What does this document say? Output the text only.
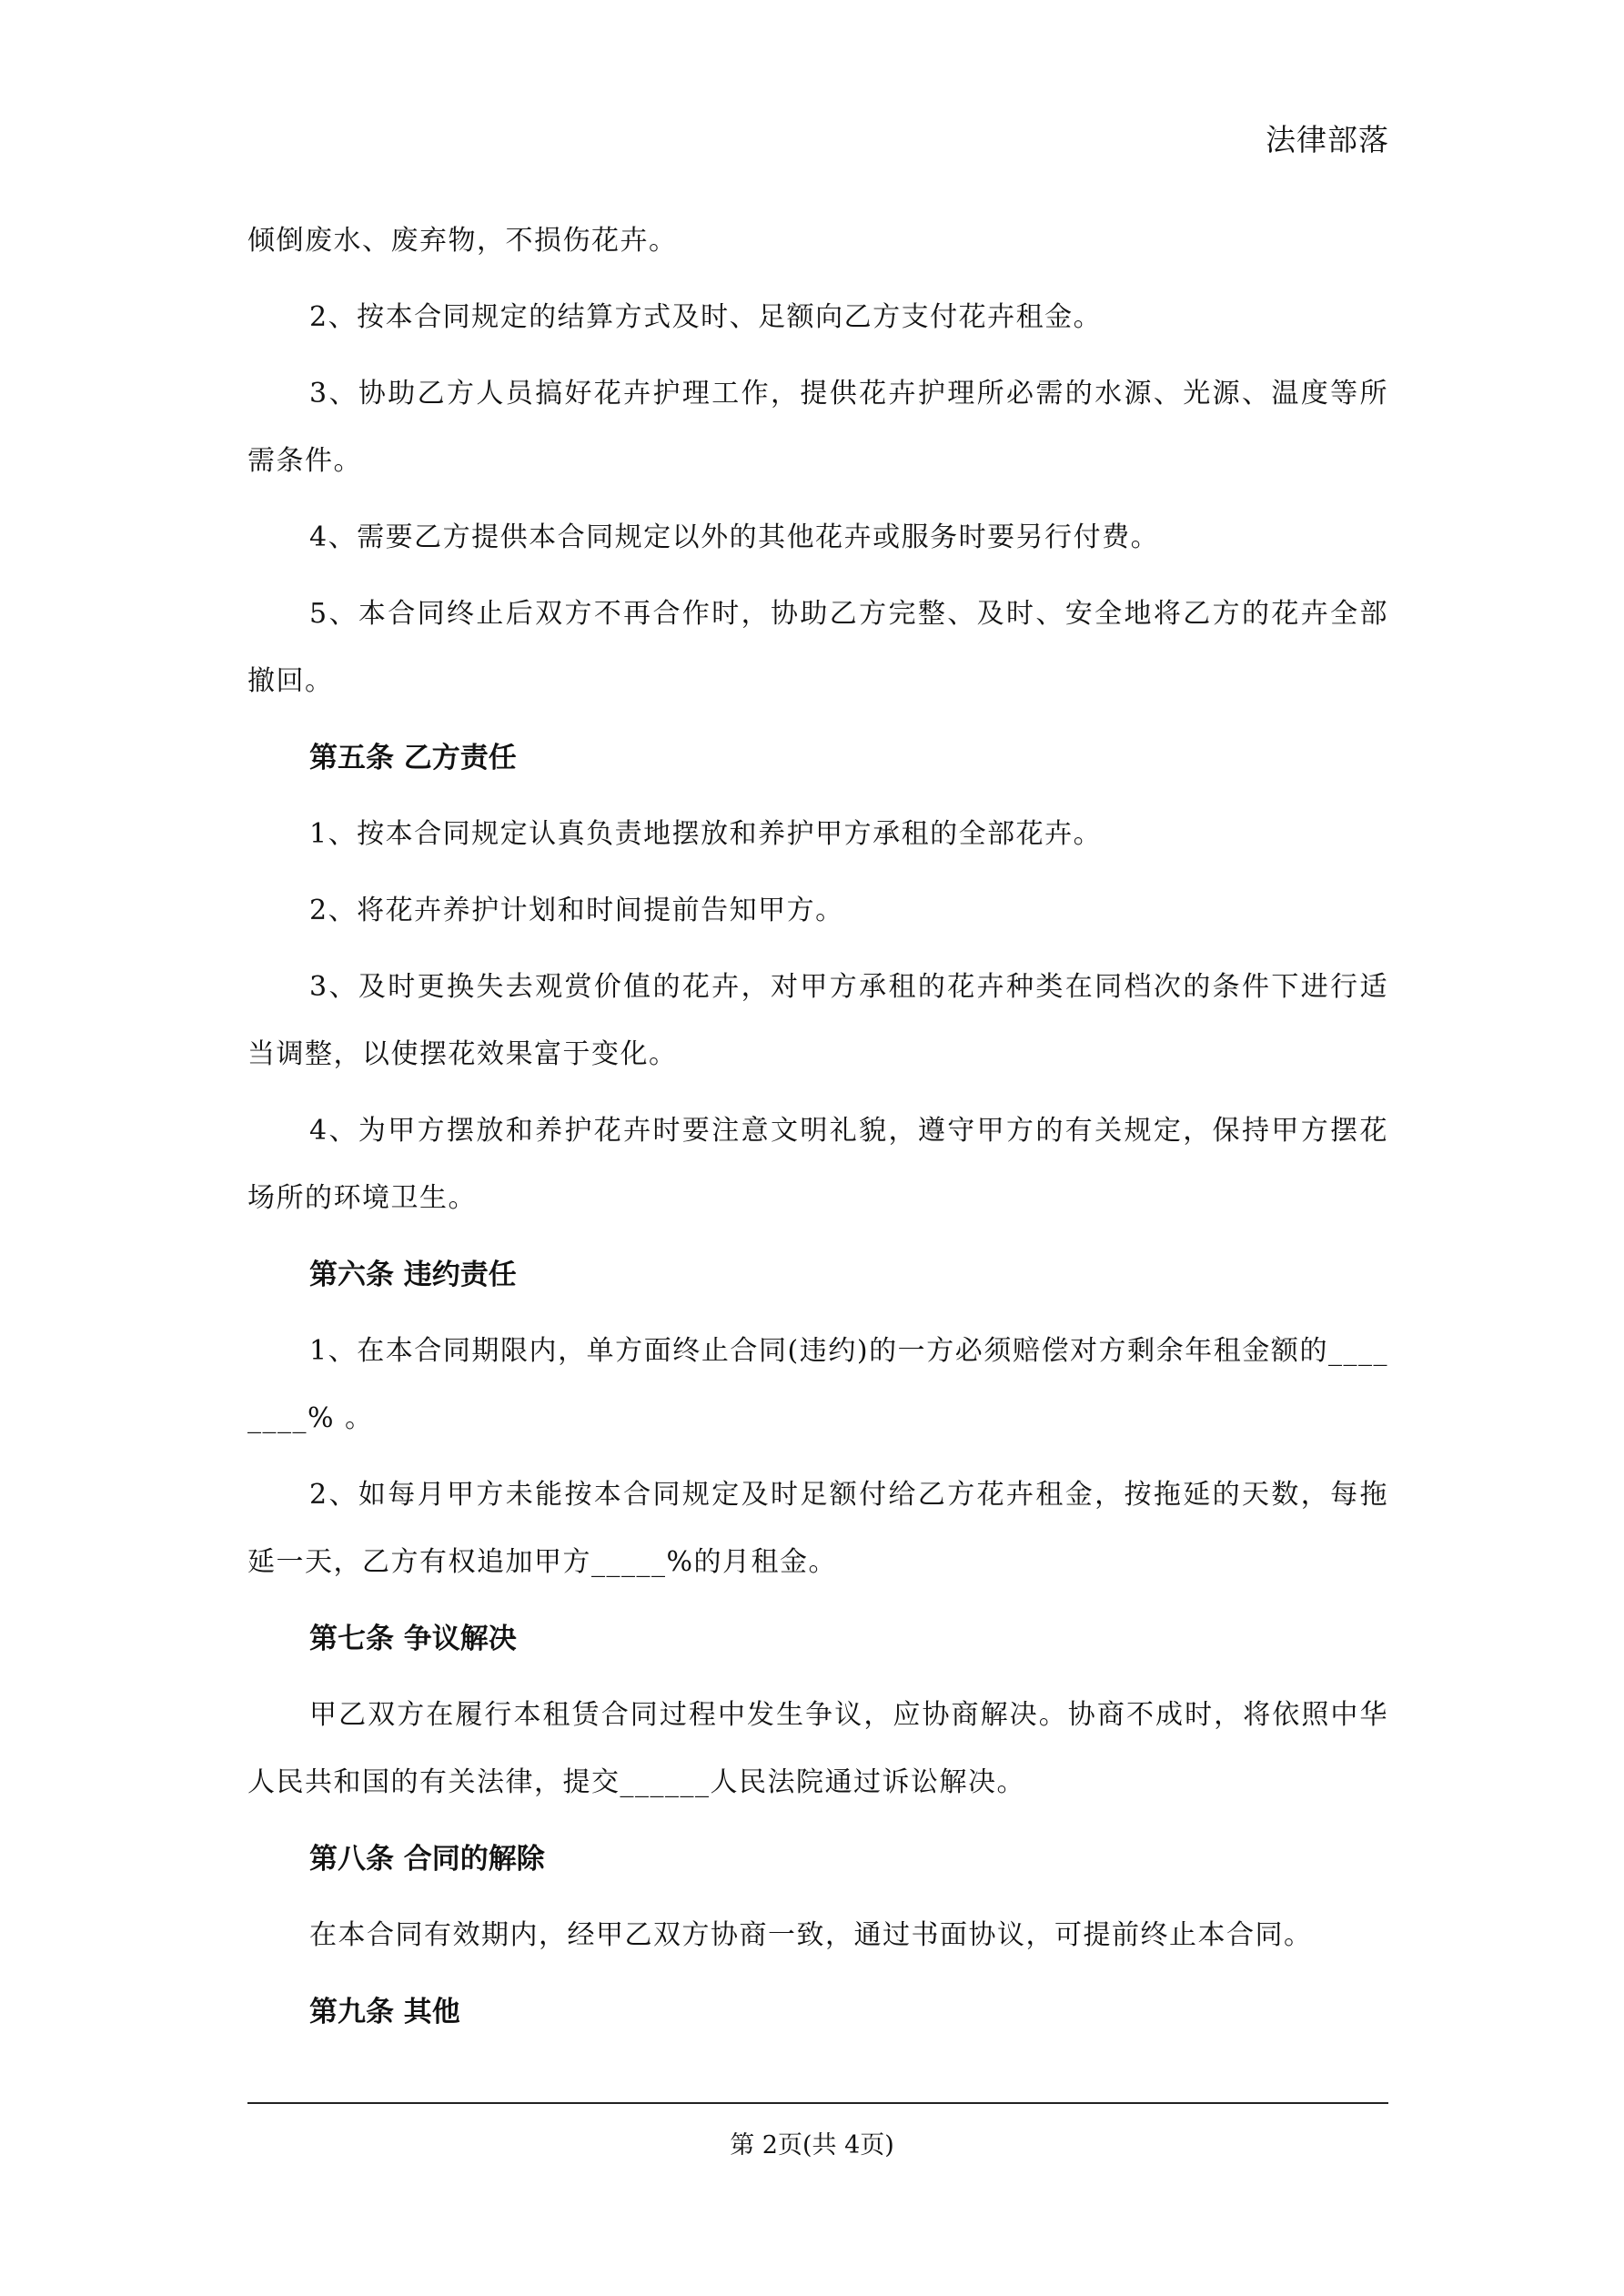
法律部落

倾倒废水、废弃物，不损伤花卉。

2、按本合同规定的结算方式及时、足额向乙方支付花卉租金。

3、协助乙方人员搞好花卉护理工作，提供花卉护理所必需的水源、光源、温度等所需条件。

4、需要乙方提供本合同规定以外的其他花卉或服务时要另行付费。

5、本合同终止后双方不再合作时，协助乙方完整、及时、安全地将乙方的花卉全部撤回。

第五条 乙方责任

1、按本合同规定认真负责地摆放和养护甲方承租的全部花卉。

2、将花卉养护计划和时间提前告知甲方。

3、及时更换失去观赏价值的花卉，对甲方承租的花卉种类在同档次的条件下进行适当调整，以使摆花效果富于变化。

4、为甲方摆放和养护花卉时要注意文明礼貌，遵守甲方的有关规定，保持甲方摆花场所的环境卫生。

第六条 违约责任

1、在本合同期限内，单方面终止合同(违约)的一方必须赔偿对方剩余年租金额的________% 。

2、如每月甲方未能按本合同规定及时足额付给乙方花卉租金，按拖延的天数，每拖延一天，乙方有权追加甲方_____%的月租金。

第七条 争议解决

甲乙双方在履行本租赁合同过程中发生争议，应协商解决。协商不成时，将依照中华人民共和国的有关法律，提交______人民法院通过诉讼解决。

第八条 合同的解除

在本合同有效期内，经甲乙双方协商一致，通过书面协议，可提前终止本合同。

第九条 其他
第 2页(共 4页)
